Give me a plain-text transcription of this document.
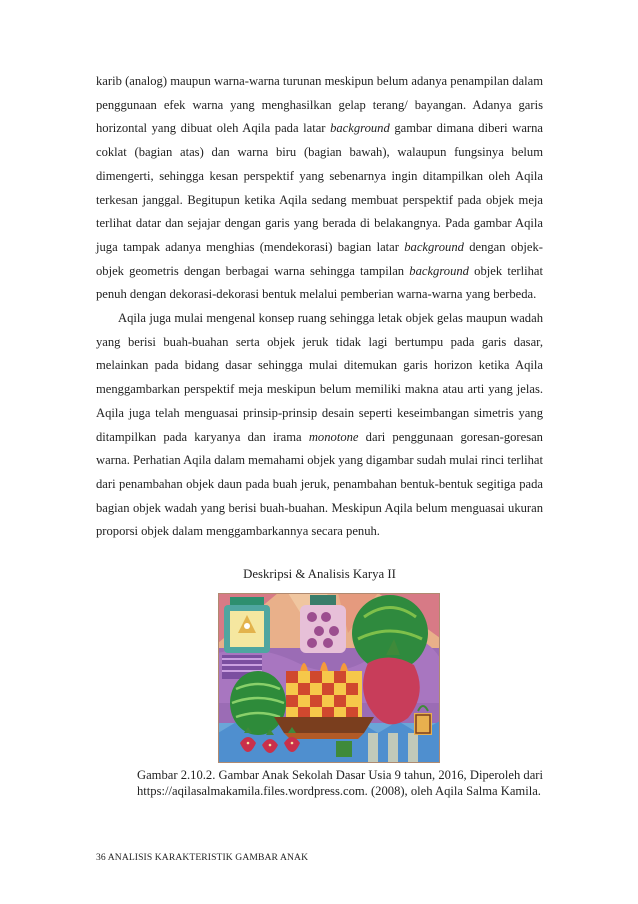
karib (analog) maupun warna-warna turunan meskipun belum adanya penampilan dalam penggunaan efek warna yang menghasilkan gelap terang/ bayangan. Adanya garis horizontal yang dibuat oleh Aqila pada latar background gambar dimana diberi warna coklat (bagian atas) dan warna biru (bagian bawah), walaupun fungsinya belum dimengerti, sehingga kesan perspektif yang sebenarnya ingin ditampilkan oleh Aqila terkesan janggal. Begitupun ketika Aqila sedang membuat perspektif pada objek meja terlihat datar dan sejajar dengan garis yang berada di belakangnya. Pada gambar Aqila juga tampak adanya menghias (mendekorasi) bagian latar background dengan objek-objek geometris dengan berbagai warna sehingga tampilan background objek terlihat penuh dengan dekorasi-dekorasi bentuk melalui pemberian warna-warna yang berbeda.

Aqila juga mulai mengenal konsep ruang sehingga letak objek gelas maupun wadah yang berisi buah-buahan serta objek jeruk tidak lagi bertumpu pada garis dasar, melainkan pada bidang dasar sehingga mulai ditemukan garis horizon ketika Aqila menggambarkan perspektif meja meskipun belum memiliki makna atau arti yang jelas. Aqila juga telah menguasai prinsip-prinsip desain seperti keseimbangan simetris yang ditampilkan pada karyanya dan irama monotone dari penggunaan goresan-goresan warna. Perhatian Aqila dalam memahami objek yang digambar sudah mulai rinci terlihat dari penambahan objek daun pada buah jeruk, penambahan bentuk-bentuk segitiga pada bagian objek wadah yang berisi buah-buahan. Meskipun Aqila belum menguasai ukuran proporsi objek dalam menggambarkannya secara penuh.

Deskripsi & Analisis Karya II
Gambar 2.10.2. Gambar Anak Sekolah Dasar Usia 9 tahun, 2016, Diperoleh dari https://aqilasalmakamila.files.wordpress.com. (2008), oleh Aqila Salma Kamila.
36 ANALISIS KARAKTERISTIK GAMBAR ANAK
